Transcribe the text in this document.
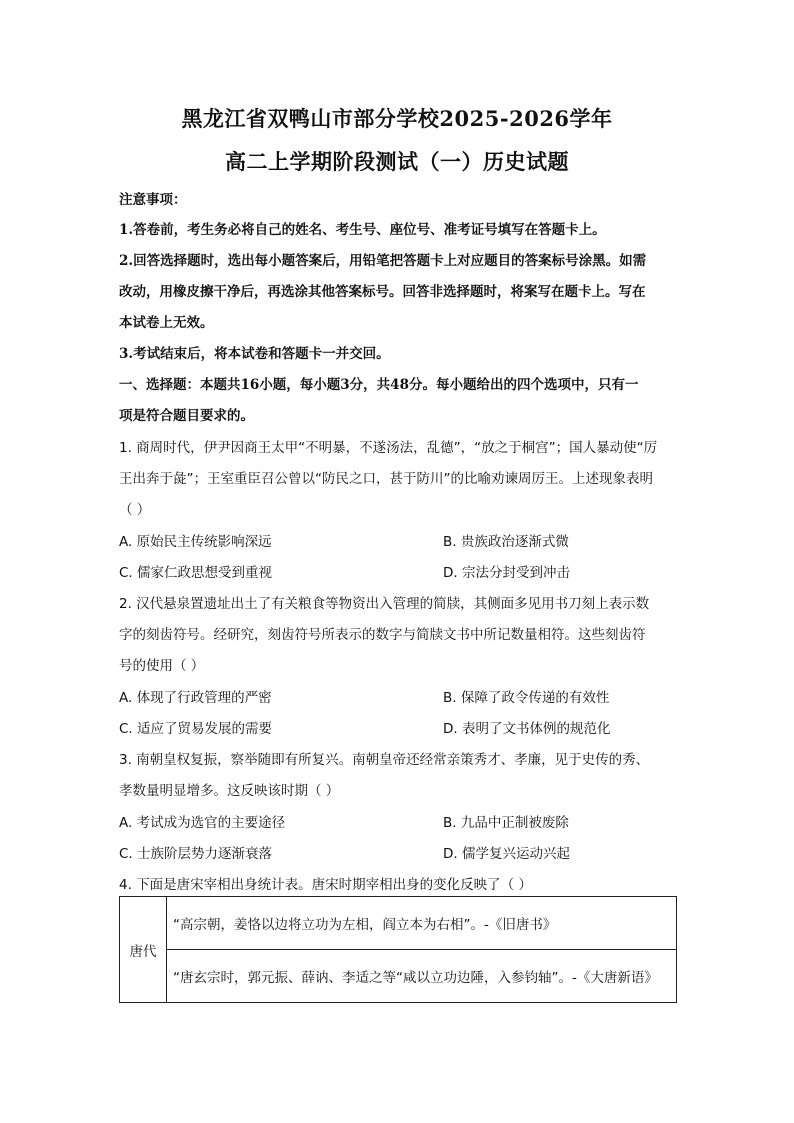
黑龙江省双鸭山市部分学校2025-2026学年
高二上学期阶段测试（一）历史试题
注意事项：
1.答卷前，考生务必将自己的姓名、考生号、座位号、准考证号填写在答题卡上。
2.回答选择题时，选出每小题答案后，用铅笔把答题卡上对应题目的答案标号涂黑。如需
改动，用橡皮擦干净后，再选涂其他答案标号。回答非选择题时，将案写在题卡上。写在
本试卷上无效。
3.考试结束后，将本试卷和答题卡一并交回。
一、选择题：本题共16小题，每小题3分，共48分。每小题给出的四个选项中，只有一
项是符合题目要求的。
1. 商周时代，伊尹因商王太甲“不明暴，不遂汤法，乱德”，“放之于桐宫”；国人暴动使“厉
王出奔于彘”；王室重臣召公曾以“防民之口，甚于防川”的比喻劝谏周厉王。上述现象表明
（ ）
A. 原始民主传统影响深远	B. 贵族政治逐渐式微
C. 儒家仁政思想受到重视	D. 宗法分封受到冲击
2. 汉代悬泉置遗址出土了有关粮食等物资出入管理的简牍，其侧面多见用书刀刻上表示数
字的刻齿符号。经研究，刻齿符号所表示的数字与简牍文书中所记数量相符。这些刻齿符
号的使用（ ）
A. 体现了行政管理的严密	B. 保障了政令传递的有效性
C. 适应了贸易发展的需要	D. 表明了文书体例的规范化
3. 南朝皇权复振，察举随即有所复兴。南朝皇帝还经常亲策秀才、孝廉，见于史传的秀、
孝数量明显增多。这反映该时期（ ）
A. 考试成为选官的主要途径	B. 九品中正制被废除
C. 士族阶层势力逐渐衰落	D. 儒学复兴运动兴起
4. 下面是唐宋宰相出身统计表。唐宋时期宰相出身的变化反映了（ ）
唐代	“高宗朝，姜恪以边将立功为左相，阎立本为右相”。-《旧唐书》
“唐玄宗时，郭元振、薛讷、李适之等“咸以立功边陲，入参钧轴”。-《大唐新语》
